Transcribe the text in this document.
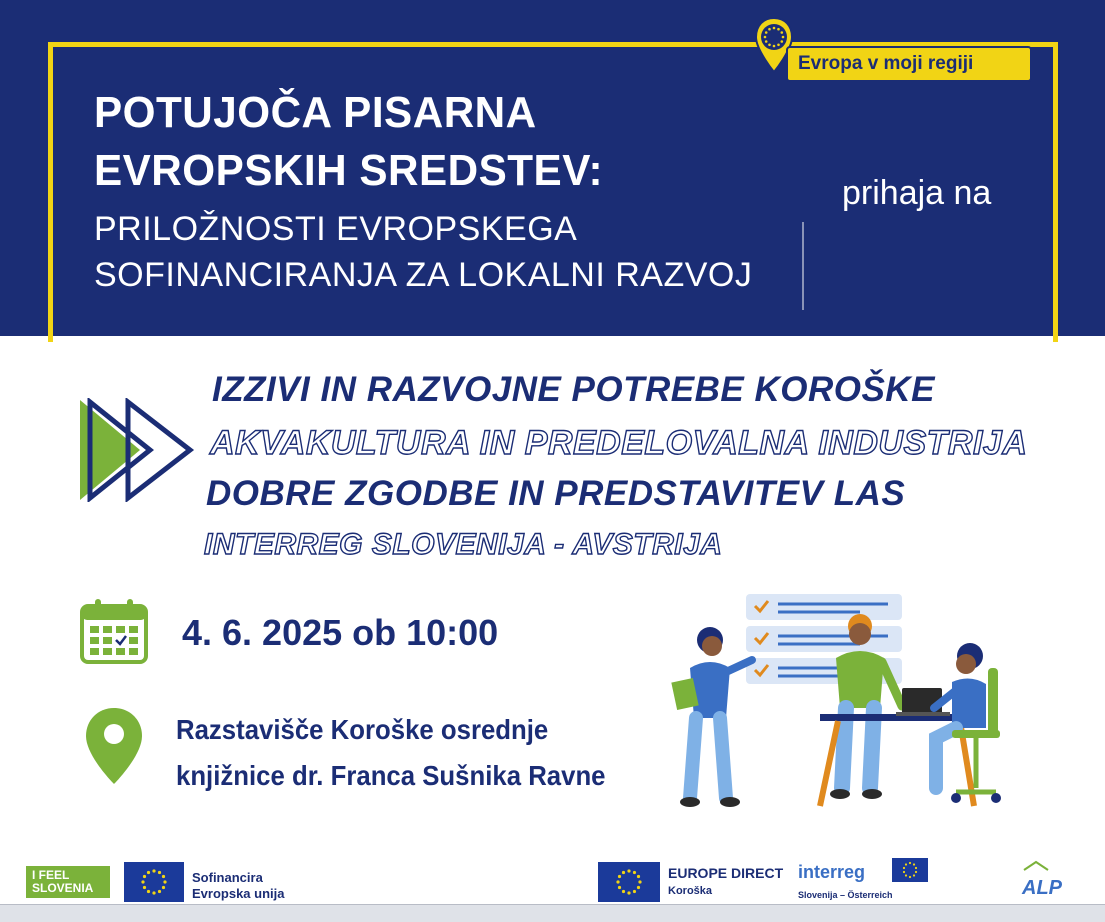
Evropa v moji regiji
POTUJOČA PISARNA
EVROPSKIH SREDSTEV:
PRILOŽNOSTI EVROPSKEGA
SOFINANCIRANJA ZA LOKALNI RAZVOJ
prihaja na
IZZIVI IN RAZVOJNE POTREBE KOROŠKE
AKVAKULTURA IN PREDELOVALNA INDUSTRIJA
DOBRE ZGODBE IN PREDSTAVITEV LAS
INTERREG SLOVENIJA - AVSTRIJA
4. 6. 2025 ob 10:00
Razstavišče Koroške osrednje
knjižnice dr. Franca Sušnika Ravne
I FEEL
SLOVENIA
Sofinancira
Evropska unija
EUROPE DIRECT
Koroška
interreg
Slovenija – Österreich	ALP
